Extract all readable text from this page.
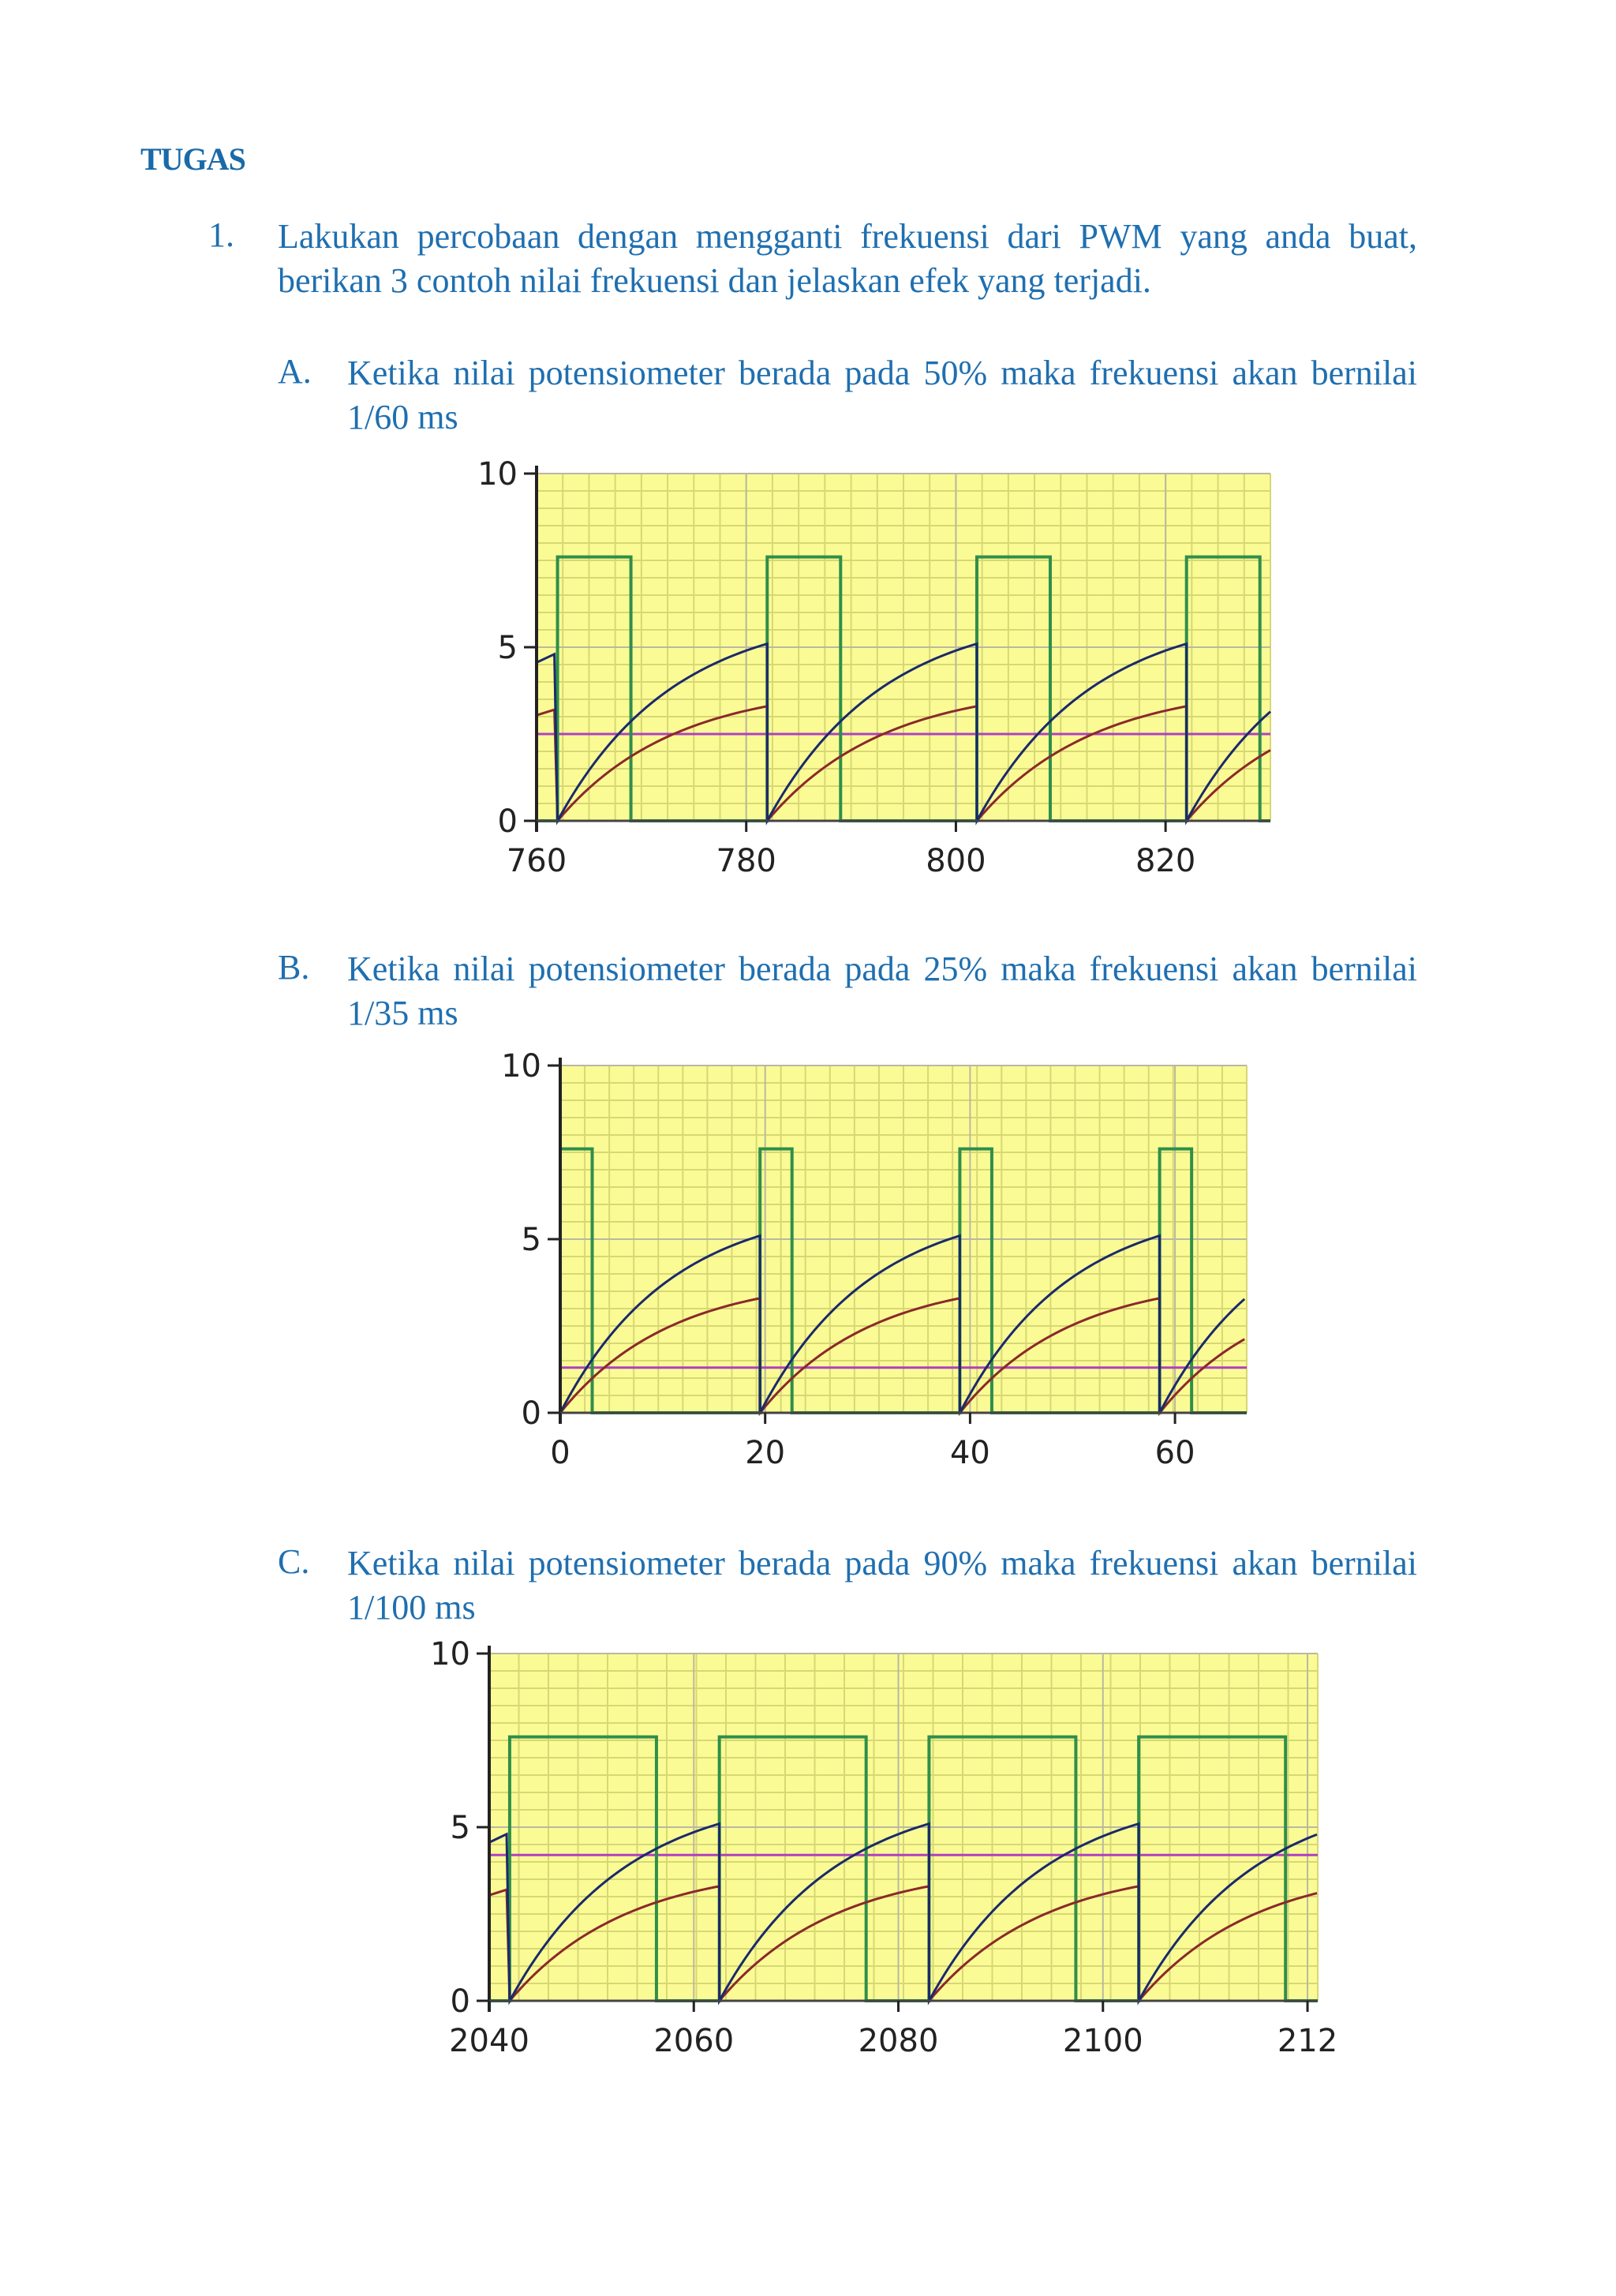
TUGAS
1. Lakukan percobaan dengan mengganti frekuensi dari PWM yang anda buat, berikan 3 contoh nilai frekuensi dan jelaskan efek yang terjadi.
A. Ketika nilai potensiometer berada pada 50% maka frekuensi akan bernilai 1/60 ms
0
5
10
760	780	800	820
B. Ketika nilai potensiometer berada pada 25% maka frekuensi akan bernilai 1/35 ms
0
5
10
0	20	40	60
C. Ketika nilai potensiometer berada pada 90% maka frekuensi akan bernilai 1/100 ms
0
5
10
2040	2060	2080	2100	212
